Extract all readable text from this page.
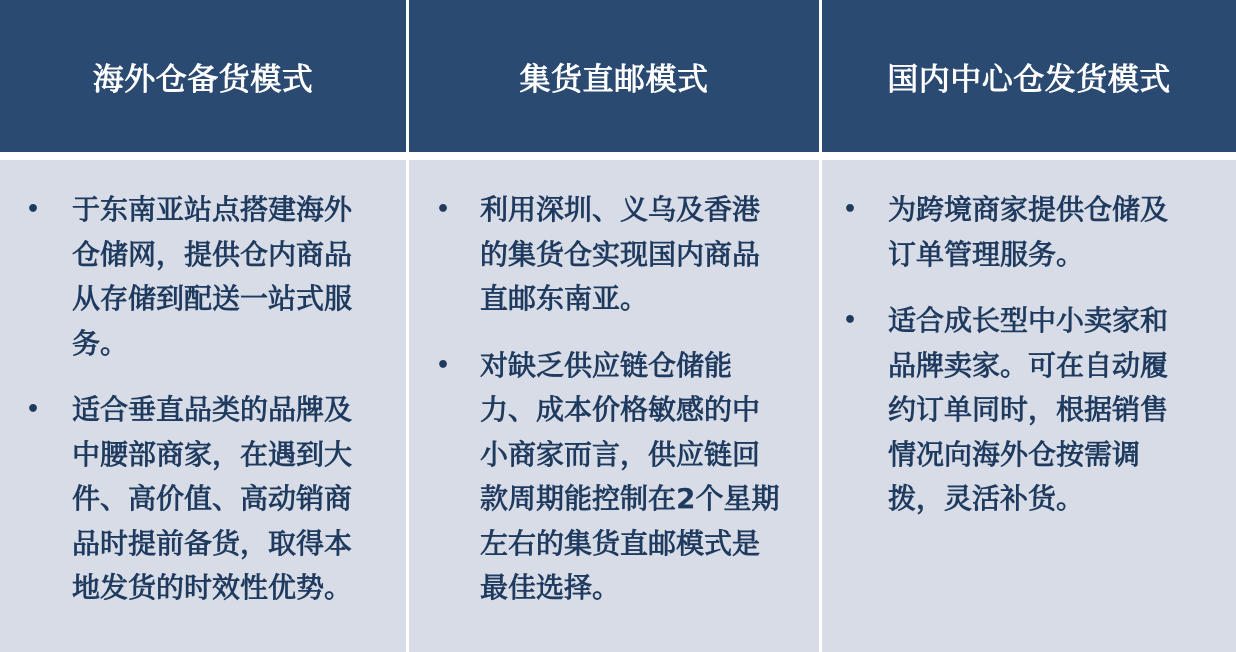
海外仓备货模式	集货直邮模式	国内中心仓发货模式
• 于东南亚站点搭建海外仓储网，提供仓内商品从存储到配送一站式服务。
• 适合垂直品类的品牌及中腰部商家，在遇到大件、高价值、高动销商品时提前备货，取得本地发货的时效性优势。
• 利用深圳、义乌及香港的集货仓实现国内商品直邮东南亚。
• 对缺乏供应链仓储能力、成本价格敏感的中小商家而言，供应链回款周期能控制在2个星期左右的集货直邮模式是最佳选择。
• 为跨境商家提供仓储及订单管理服务。
• 适合成长型中小卖家和品牌卖家。可在自动履约订单同时，根据销售情况向海外仓按需调拨，灵活补货。
